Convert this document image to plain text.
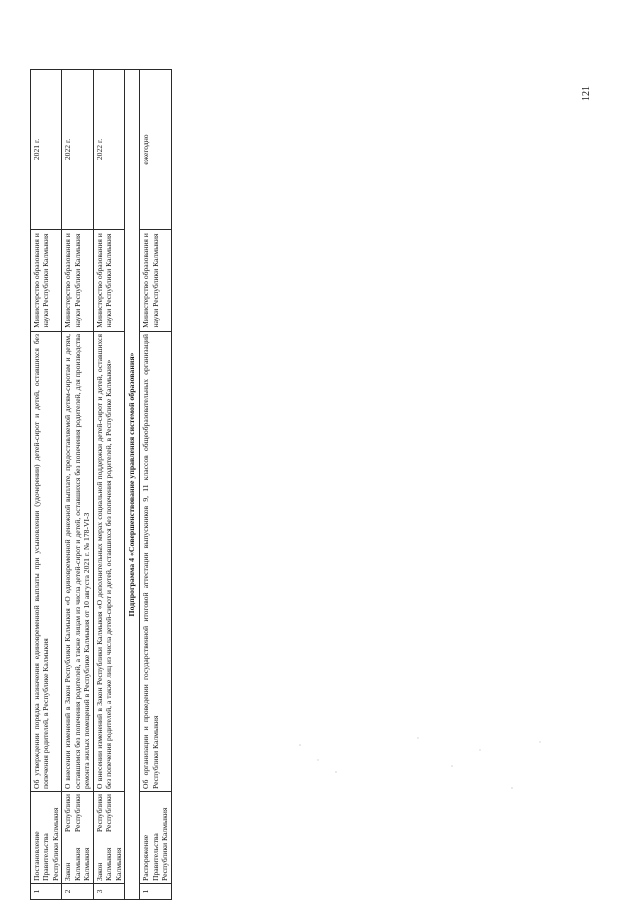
1	Постановление Правительства Республики Калмыкия	Об утверждении порядка назначения единовременной выплаты при усыновлении (удочерении) детей-сирот и детей, оставшихся без попечения родителей, в Республике Калмыкия	Министерство образования и науки Республики Калмыкия	2021 г.
2	Закон Республики Калмыкия Республики Калмыкия	О внесении изменений в Закон Республики Калмыкия «О единовременной денежной выплате, предоставляемой детям-сиротам и детям, оставшимся без попечения родителей, а также лицам из числа детей-сирот и детей, оставшихся без попечения родителей, для производства ремонта жилых помещений в Республике Калмыкия от 10 августа 2021 г. № 178-VI-З	Министерство образования и науки Республики Калмыкия	2022 г.
3	Закон Республики Калмыкия Республики Калмыкия	О внесении изменений в Закон Республики Калмыкия «О дополнительных мерах социальной поддержки детей-сирот и детей, оставшихся без попечения родителей, а также лиц из числа детей-сирот и детей, оставшихся без попечения родителей, в Республике Калмыкия»	Министерство образования и науки Республики Калмыкия	2022 г.
Подпрограмма 4 «Совершенствование управления системой образования»				
1	Распоряжение Правительства Республики Калмыкия	Об организации и проведении государственной итоговой аттестации выпускников 9, 11 классов общеобразовательных организаций Республики Калмыкия	Министерство образования и науки Республики Калмыкия	ежегодно
121
